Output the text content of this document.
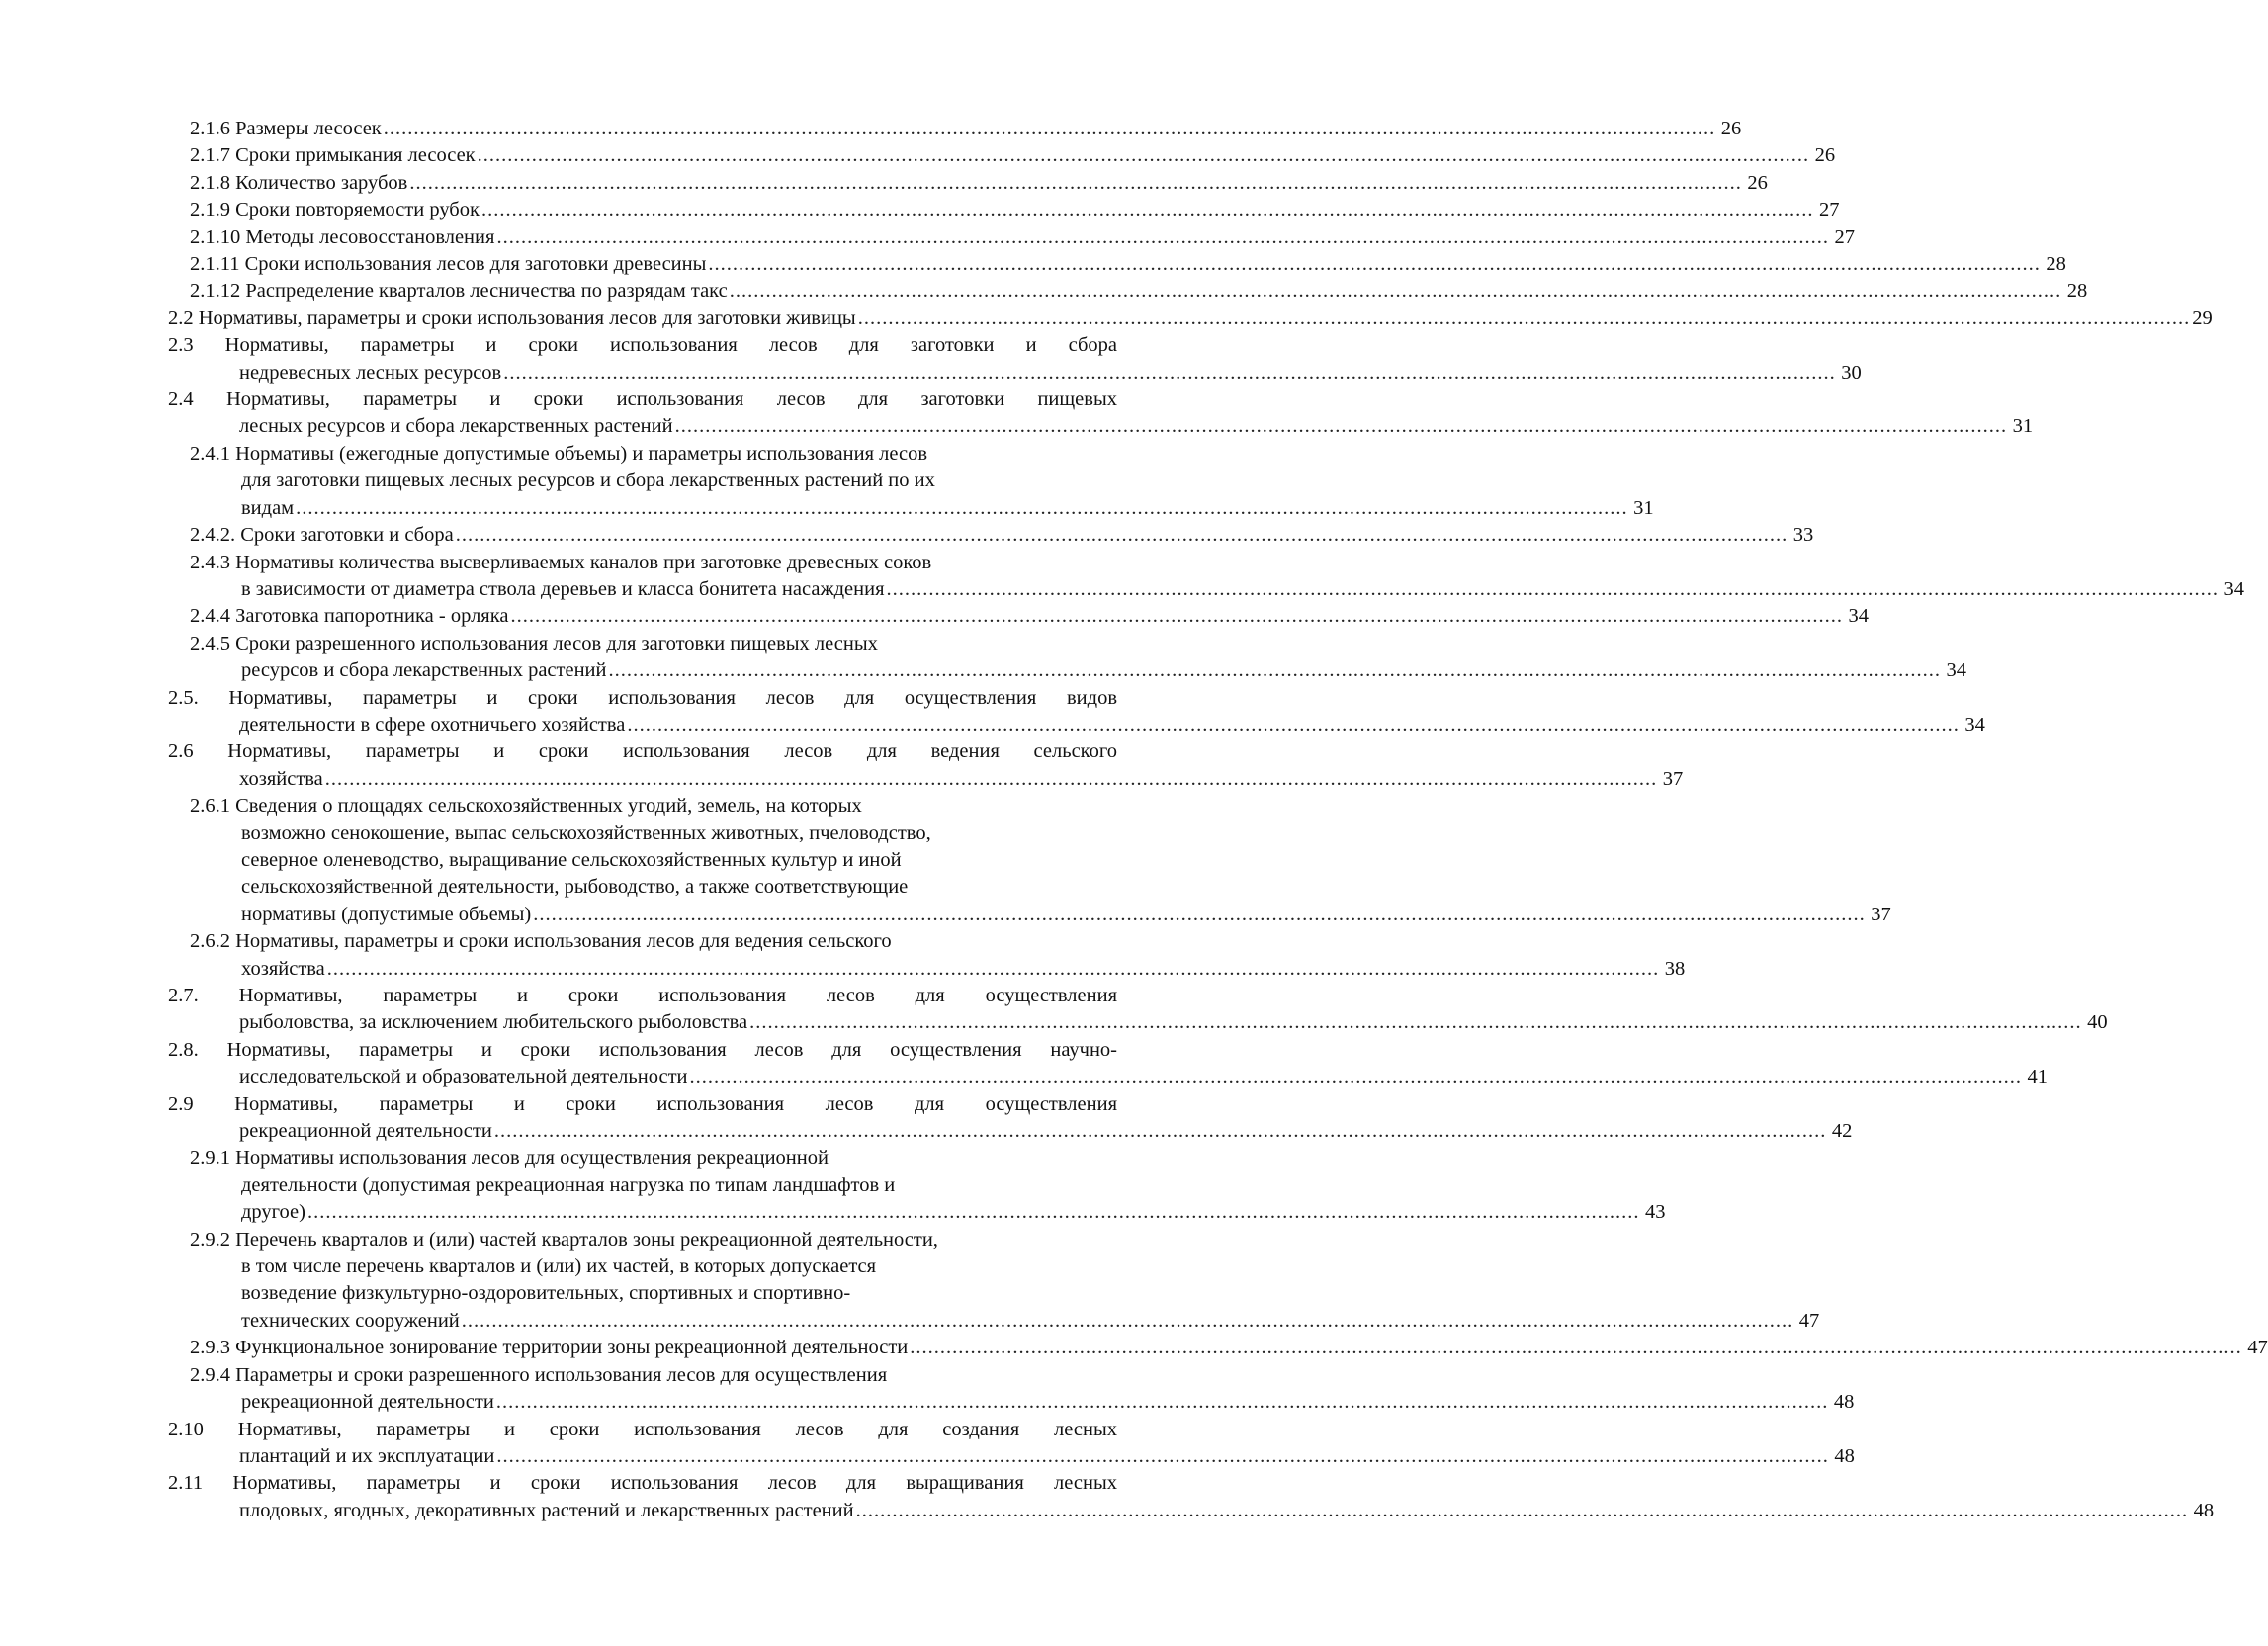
2.1.6 Размеры лесосек ............................................................................................................................................................................................................................ 26
2.1.7 Сроки примыкания лесосек ............................................................................................................................................................................................................................ 26
2.1.8 Количество зарубов ............................................................................................................................................................................................................................ 26
2.1.9 Сроки повторяемости рубок ............................................................................................................................................................................................................................ 27
2.1.10 Методы лесовосстановления ............................................................................................................................................................................................................................ 27
2.1.11 Сроки использования лесов для заготовки древесины ............................................................................................................................................................................................................................ 28
2.1.12 Распределение кварталов лесничества по разрядам такс ............................................................................................................................................................................................................................ 28
2.2 Нормативы, параметры и сроки использования лесов для заготовки живицы ............................................................................................................................................................................................................................ 29
2.3 Нормативы, параметры и сроки использования лесов для заготовки и сбора
недревесных лесных ресурсов ............................................................................................................................................................................................................................ 30
2.4 Нормативы, параметры и сроки использования лесов для заготовки пищевых
лесных ресурсов и сбора лекарственных растений ............................................................................................................................................................................................................................ 31
2.4.1 Нормативы (ежегодные допустимые объемы) и параметры использования лесов
для заготовки пищевых лесных ресурсов и сбора лекарственных растений по их
видам ............................................................................................................................................................................................................................ 31
2.4.2. Сроки заготовки и сбора ............................................................................................................................................................................................................................ 33
2.4.3 Нормативы количества высверливаемых каналов при заготовке древесных соков
в зависимости от диаметра ствола деревьев и класса бонитета насаждения ............................................................................................................................................................................................................................ 34
2.4.4 Заготовка папоротника - орляка ............................................................................................................................................................................................................................ 34
2.4.5 Сроки разрешенного использования лесов для заготовки пищевых лесных
ресурсов и сбора лекарственных растений ............................................................................................................................................................................................................................ 34
2.5. Нормативы, параметры и сроки использования лесов для осуществления видов
деятельности в сфере охотничьего хозяйства ............................................................................................................................................................................................................................ 34
2.6 Нормативы, параметры и сроки использования лесов для ведения сельского
хозяйства ............................................................................................................................................................................................................................ 37
2.6.1 Сведения о площадях сельскохозяйственных угодий, земель, на которых
возможно сенокошение, выпас сельскохозяйственных животных, пчеловодство,
северное оленеводство, выращивание сельскохозяйственных культур и иной
сельскохозяйственной деятельности, рыбоводство, а также соответствующие
нормативы (допустимые объемы) ............................................................................................................................................................................................................................ 37
2.6.2 Нормативы, параметры и сроки использования лесов для ведения сельского
хозяйства ............................................................................................................................................................................................................................ 38
2.7. Нормативы, параметры и сроки использования лесов для осуществления
рыболовства, за исключением любительского рыболовства ............................................................................................................................................................................................................................ 40
2.8. Нормативы, параметры и сроки использования лесов для осуществления научно-
исследовательской и образовательной деятельности ............................................................................................................................................................................................................................ 41
2.9 Нормативы, параметры и сроки использования лесов для осуществления
рекреационной деятельности ............................................................................................................................................................................................................................ 42
2.9.1 Нормативы использования лесов для осуществления рекреационной
деятельности (допустимая рекреационная нагрузка по типам ландшафтов и
другое) ............................................................................................................................................................................................................................ 43
2.9.2 Перечень кварталов и (или) частей кварталов зоны рекреационной деятельности,
в том числе перечень кварталов и (или) их частей, в которых допускается
возведение физкультурно-оздоровительных, спортивных и спортивно-
технических сооружений ............................................................................................................................................................................................................................ 47
2.9.3 Функциональное зонирование территории зоны рекреационной деятельности ............................................................................................................................................................................................................................ 47
2.9.4 Параметры и сроки разрешенного использования лесов для осуществления
рекреационной деятельности ............................................................................................................................................................................................................................ 48
2.10 Нормативы, параметры и сроки использования лесов для создания лесных
плантаций и их эксплуатации ............................................................................................................................................................................................................................ 48
2.11 Нормативы, параметры и сроки использования лесов для выращивания лесных
плодовых, ягодных, декоративных растений и лекарственных растений ............................................................................................................................................................................................................................ 48
